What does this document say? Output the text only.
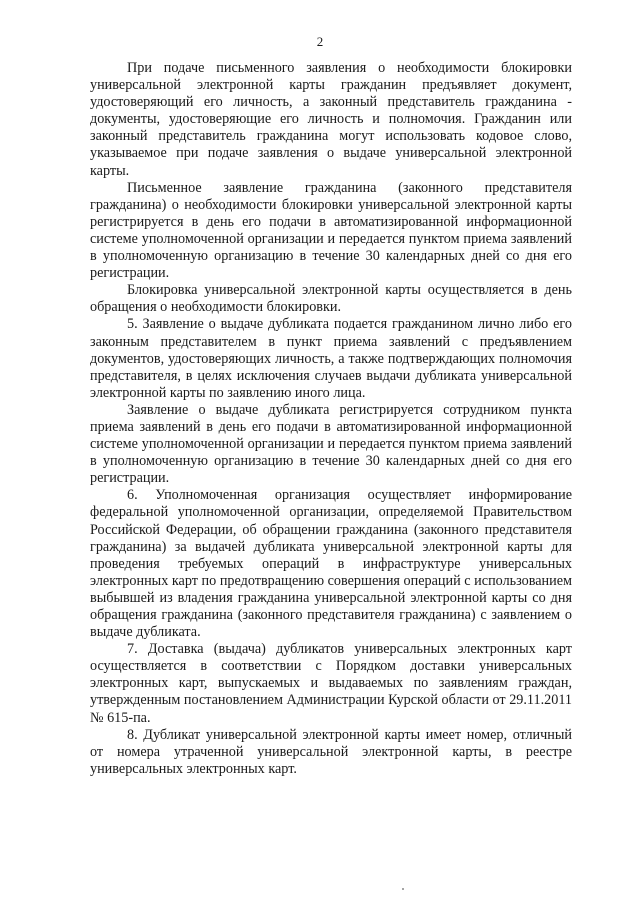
2

При подаче письменного заявления о необходимости блокировки универсальной электронной карты гражданин предъявляет документ, удостоверяющий его личность, а законный представитель гражданина - документы, удостоверяющие его личность и полномочия. Гражданин или законный представитель гражданина могут использовать кодовое слово, указываемое при подаче заявления о выдаче универсальной электронной карты.

Письменное заявление гражданина (законного представителя гражданина) о необходимости блокировки универсальной электронной карты регистрируется в день его подачи в автоматизированной информационной системе уполномоченной организации и передается пунктом приема заявлений в уполномоченную организацию в течение 30 календарных дней со дня его регистрации.

Блокировка универсальной электронной карты осуществляется в день обращения о необходимости блокировки.

5. Заявление о выдаче дубликата подается гражданином лично либо его законным представителем в пункт приема заявлений с предъявлением документов, удостоверяющих личность, а также подтверждающих полномочия представителя, в целях исключения случаев выдачи дубликата универсальной электронной карты по заявлению иного лица.

Заявление о выдаче дубликата регистрируется сотрудником пункта приема заявлений в день его подачи в автоматизированной информационной системе уполномоченной организации и передается пунктом приема заявлений в уполномоченную организацию в течение 30 календарных дней со дня его регистрации.

6. Уполномоченная организация осуществляет информирование федеральной уполномоченной организации, определяемой Правительством Российской Федерации, об обращении гражданина (законного представителя гражданина) за выдачей дубликата универсальной электронной карты для проведения требуемых операций в инфраструктуре универсальных электронных карт по предотвращению совершения операций с использованием выбывшей из владения гражданина универсальной электронной карты со дня обращения гражданина (законного представителя гражданина) с заявлением о выдаче дубликата.

7. Доставка (выдача) дубликатов универсальных электронных карт осуществляется в соответствии с Порядком доставки универсальных электронных карт, выпускаемых и выдаваемых по заявлениям граждан, утвержденным постановлением Администрации Курской области от 29.11.2011 № 615-па.

8. Дубликат универсальной электронной карты имеет номер, отличный от номера утраченной универсальной электронной карты, в реестре универсальных электронных карт.
